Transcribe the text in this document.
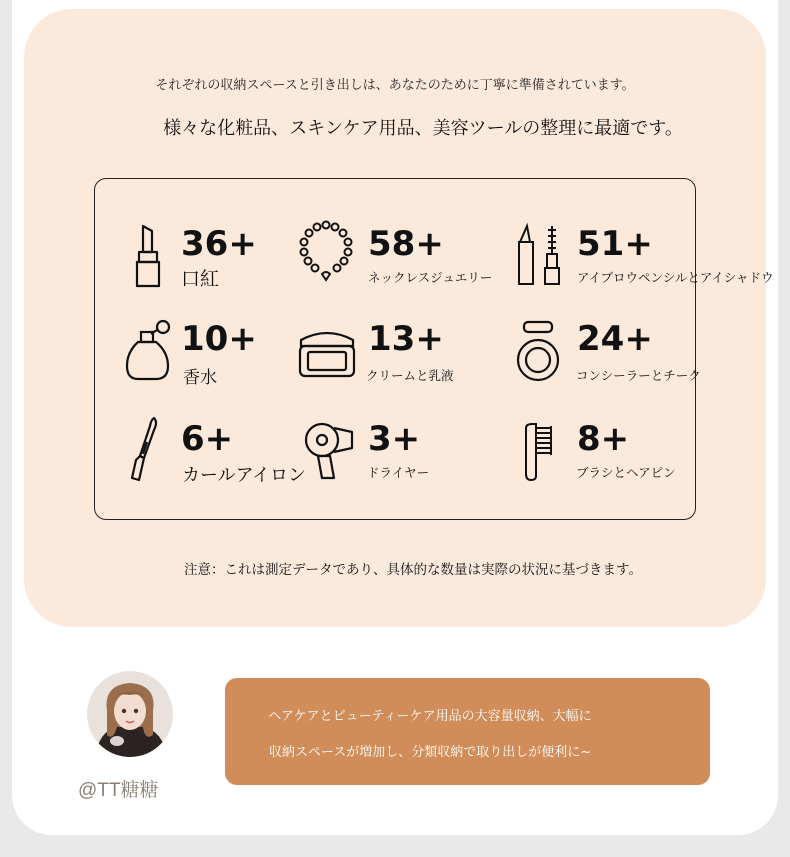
それぞれの収納スペースと引き出しは、あなたのために丁寧に準備されています。
様々な化粧品、スキンケア用品、美容ツールの整理に最適です。
36+
口紅
58+
ネックレスジュエリー
51+
アイブロウペンシルとアイシャドウ
10+
香水
13+
クリームと乳液
24+
コンシーラーとチーク
6+
カールアイロン
3+
ドライヤー
8+
ブラシとヘアピン
注意：これは測定データであり、具体的な数量は実際の状況に基づきます。
@TT糖糖
ヘアケアとビューティーケア用品の大容量収納、大幅に
収納スペースが増加し、分類収納で取り出しが便利に~
